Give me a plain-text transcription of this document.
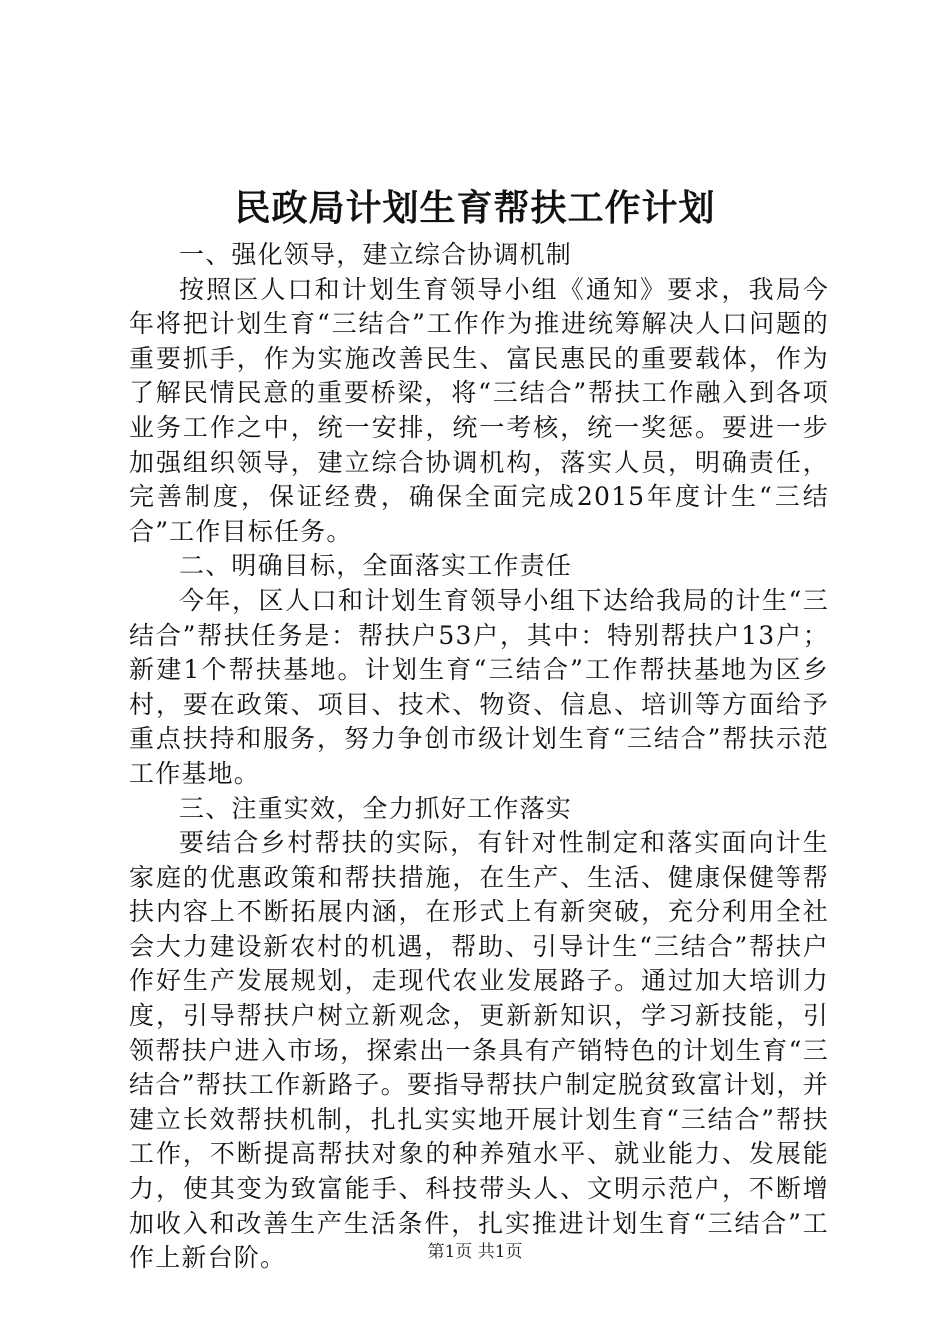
民政局计划生育帮扶工作计划

一、强化领导，建立综合协调机制

按照区人口和计划生育领导小组《通知》要求，我局今年将把计划生育“三结合”工作作为推进统筹解决人口问题的重要抓手，作为实施改善民生、富民惠民的重要载体，作为了解民情民意的重要桥梁，将“三结合”帮扶工作融入到各项业务工作之中，统一安排，统一考核，统一奖惩。要进一步加强组织领导，建立综合协调机构，落实人员，明确责任，完善制度，保证经费，确保全面完成2015年度计生“三结合”工作目标任务。

二、明确目标，全面落实工作责任

今年，区人口和计划生育领导小组下达给我局的计生“三结合”帮扶任务是：帮扶户53户，其中：特别帮扶户13户；新建1个帮扶基地。计划生育“三结合”工作帮扶基地为区乡村，要在政策、项目、技术、物资、信息、培训等方面给予重点扶持和服务，努力争创市级计划生育“三结合”帮扶示范工作基地。

三、注重实效，全力抓好工作落实

要结合乡村帮扶的实际，有针对性制定和落实面向计生家庭的优惠政策和帮扶措施，在生产、生活、健康保健等帮扶内容上不断拓展内涵，在形式上有新突破，充分利用全社会大力建设新农村的机遇，帮助、引导计生“三结合”帮扶户作好生产发展规划，走现代农业发展路子。通过加大培训力度，引导帮扶户树立新观念，更新新知识，学习新技能，引领帮扶户进入市场，探索出一条具有产销特色的计划生育“三结合”帮扶工作新路子。要指导帮扶户制定脱贫致富计划，并建立长效帮扶机制，扎扎实实地开展计划生育“三结合”帮扶工作，不断提高帮扶对象的种养殖水平、就业能力、发展能力，使其变为致富能手、科技带头人、文明示范户，不断增加收入和改善生产生活条件，扎实推进计划生育“三结合”工作上新台阶。	第1页 共1页
